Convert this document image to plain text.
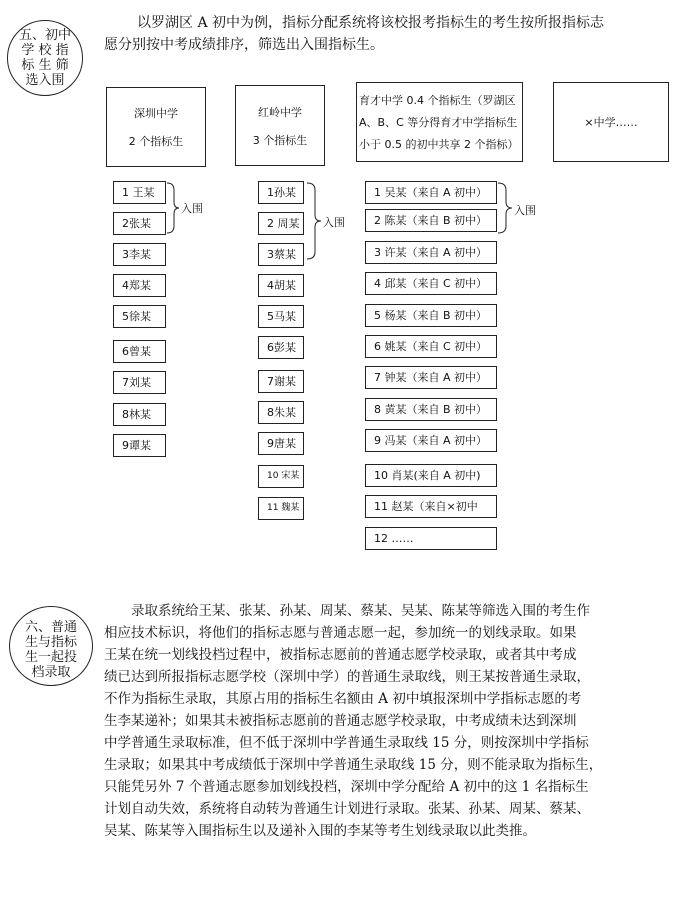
五、初中
学 校 指
标 生 筛
选入围
以罗湖区 A 初中为例，指标分配系统将该校报考指标生的考生按所报指标志
愿分别按中考成绩排序，筛选出入围指标生。
深圳中学
2 个指标生
红岭中学
3 个指标生
育才中学 0.4 个指标生（罗湖区
A、B、C 等分得育才中学指标生
小于 0.5 的初中共享 2 个指标）
×中学……
1 王某
2张某
3李某
4郑某
5徐某
6曾某
7刘某
8林某
9谭某
入围
1孙某
2 周某
3蔡某
4胡某
5马某
6彭某
7谢某
8朱某
9唐某
10 宋某
11 魏某
入围
1 吴某（来自 A 初中）
2 陈某（来自 B 初中）
3 许某（来自 A 初中）
4 邱某（来自 C 初中）
5 杨某（来自 B 初中）
6 姚某（来自 C 初中）
7 钟某（来自 A 初中）
8 黄某（来自 B 初中）
9 冯某（来自 A 初中）
10 肖某(来自 A 初中)
11 赵某（来自×初中
12 ……
入围
六、普通
生与指标
生一起投
档录取
录取系统给王某、张某、孙某、周某、蔡某、吴某、陈某等筛选入围的考生作
相应技术标识，将他们的指标志愿与普通志愿一起，参加统一的划线录取。如果
王某在统一划线投档过程中，被指标志愿前的普通志愿学校录取，或者其中考成
绩已达到所报指标志愿学校（深圳中学）的普通生录取线，则王某按普通生录取，
不作为指标生录取，其原占用的指标生名额由 A 初中填报深圳中学指标志愿的考
生李某递补；如果其未被指标志愿前的普通志愿学校录取，中考成绩未达到深圳
中学普通生录取标准，但不低于深圳中学普通生录取线 15 分，则按深圳中学指标
生录取；如果其中考成绩低于深圳中学普通生录取线 15 分，则不能录取为指标生，
只能凭另外 7 个普通志愿参加划线投档，深圳中学分配给 A 初中的这 1 名指标生
计划自动失效，系统将自动转为普通生计划进行录取。张某、孙某、周某、蔡某、
吴某、陈某等入围指标生以及递补入围的李某等考生划线录取以此类推。
